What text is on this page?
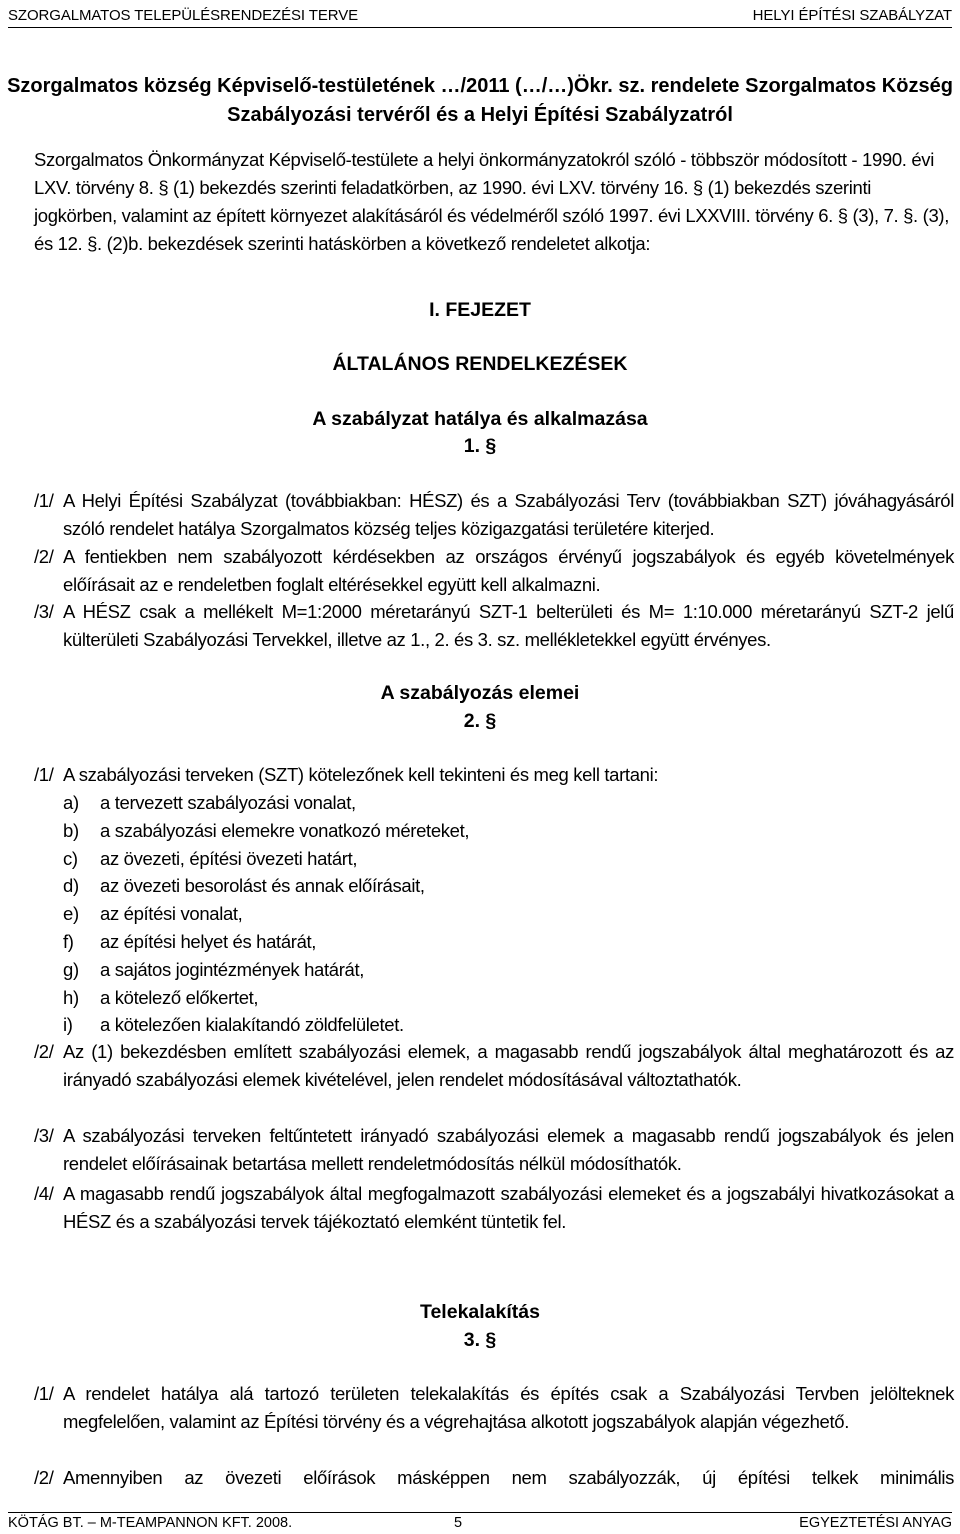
SZORGALMATOS TELEPÜLÉSRENDEZÉSI TERVE	HELYI ÉPÍTÉSI SZABÁLYZAT
Szorgalmatos község Képviselő-testületének …/2011 (…/…)Ökr. sz. rendelete Szorgalmatos Község
Szabályozási tervéről és a Helyi Építési Szabályzatról
Szorgalmatos Önkormányzat Képviselő-testülete a helyi önkormányzatokról szóló - többször módosított - 1990. évi LXV. törvény 8. § (1) bekezdés szerinti feladatkörben, az 1990. évi LXV. törvény 16. § (1) bekezdés szerinti jogkörben, valamint az épített környezet alakításáról és védelméről szóló 1997. évi LXXVIII. törvény 6. § (3), 7. §. (3), és 12. §. (2)b. bekezdések szerinti hatáskörben a következő rendeletet alkotja:
I. FEJEZET
ÁLTALÁNOS RENDELKEZÉSEK
A szabályzat hatálya és alkalmazása
1. §
/1/ A Helyi Építési Szabályzat (továbbiakban: HÉSZ) és a Szabályozási Terv (továbbiakban SZT) jóváhagyásáról szóló rendelet hatálya Szorgalmatos község teljes közigazgatási területére kiterjed.
/2/ A fentiekben nem szabályozott kérdésekben az országos érvényű jogszabályok és egyéb követelmények előírásait az e rendeletben foglalt eltérésekkel együtt kell alkalmazni.
/3/ A HÉSZ csak a mellékelt M=1:2000 méretarányú SZT-1 belterületi és M= 1:10.000 méretarányú SZT-2 jelű külterületi Szabályozási Tervekkel, illetve az 1., 2. és 3. sz. mellékletekkel együtt érvényes.
A szabályozás elemei
2. §
/1/ A szabályozási terveken (SZT) kötelezőnek kell tekinteni és meg kell tartani:
a) a tervezett szabályozási vonalat,
b) a szabályozási elemekre vonatkozó méreteket,
c) az övezeti, építési övezeti határt,
d) az övezeti besorolást és annak előírásait,
e) az építési vonalat,
f) az építési helyet és határát,
g) a sajátos jogintézmények határát,
h) a kötelező előkertet,
i) a kötelezően kialakítandó zöldfelületet.
/2/ Az (1) bekezdésben említett szabályozási elemek, a magasabb rendű jogszabályok által meghatározott és az irányadó szabályozási elemek kivételével, jelen rendelet módosításával változtathatók.
/3/ A szabályozási terveken feltűntetett irányadó szabályozási elemek a magasabb rendű jogszabályok és jelen rendelet előírásainak betartása mellett rendeletmódosítás nélkül módosíthatók.
/4/ A magasabb rendű jogszabályok által megfogalmazott szabályozási elemeket és a jogszabályi hivatkozásokat a HÉSZ és a szabályozási tervek tájékoztató elemként tüntetik fel.
Telekalakítás
3. §
/1/ A rendelet hatálya alá tartozó területen telekalakítás és építés csak a Szabályozási Tervben jelölteknek megfelelően, valamint az Építési törvény és a végrehajtása alkotott jogszabályok alapján végezhető.
/2/ Amennyiben az övezeti előírások másképpen nem szabályozzák, új építési telkek minimális
KÖTÁG BT. – M-TEAMPANNON KFT. 2008.	5	EGYEZTETÉSI ANYAG
